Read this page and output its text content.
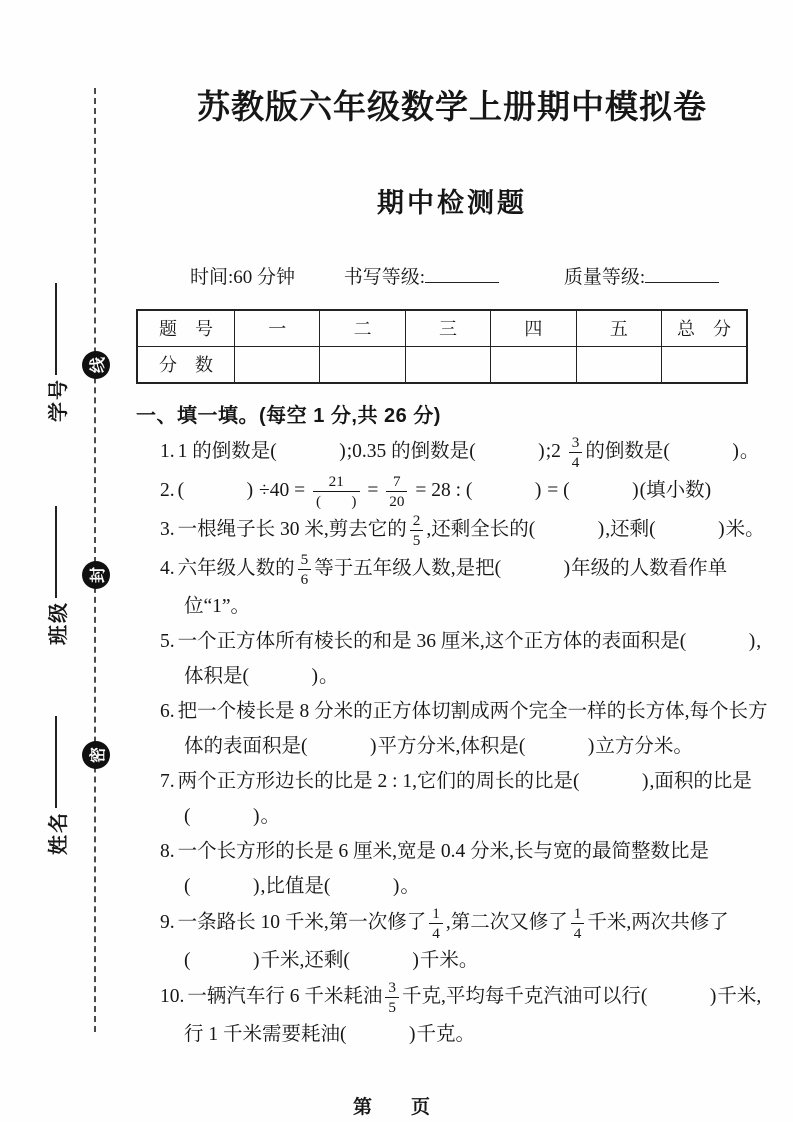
线
封
密
学号
班级
姓名
苏教版六年级数学上册期中模拟卷
期中检测题
时间:60 分钟	书写等级:	质量等级:
题　号	一	二	三	四	五	总　分
分　数						
一、填一填。(每空 1 分,共 26 分)
1. 1 的倒数是(　　　);0.35 的倒数是(　　　);2 $\frac{3}{4}$ 的倒数是(　　　)。
2. (　　　) $\div 40 = \frac{21}{( )} = \frac{7}{20} = 28$ : (　　　) = (　　　)(填小数)
3. 一根绳子长 30 米,剪去它的 $\frac{2}{5}$ ,还剩全长的(　　　),还剩(　　　)米。
4. 六年级人数的 $\frac{5}{6}$ 等于五年级人数,是把(　　　)年级的人数看作单位“1”。
5. 一个正方体所有棱长的和是 36 厘米,这个正方体的表面积是(　　　),体积是(　　　)。
6. 把一个棱长是 8 分米的正方体切割成两个完全一样的长方体,每个长方体的表面积是(　　　)平方分米,体积是(　　　)立方分米。
7. 两个正方形边长的比是 2 : 1,它们的周长的比是(　　　),面积的比是(　　　)。
8. 一个长方形的长是 6 厘米,宽是 0.4 分米,长与宽的最简整数比是(　　　),比值是(　　　)。
9. 一条路长 10 千米,第一次修了 $\frac{1}{4}$ ,第二次又修了 $\frac{1}{4}$ 千米,两次共修了(　　　)千米,还剩(　　　)千米。
10. 一辆汽车行 6 千米耗油 $\frac{3}{5}$ 千克,平均每千克汽油可以行(　　　)千米,行 1 千米需要耗油(　　　)千克。
第　页
